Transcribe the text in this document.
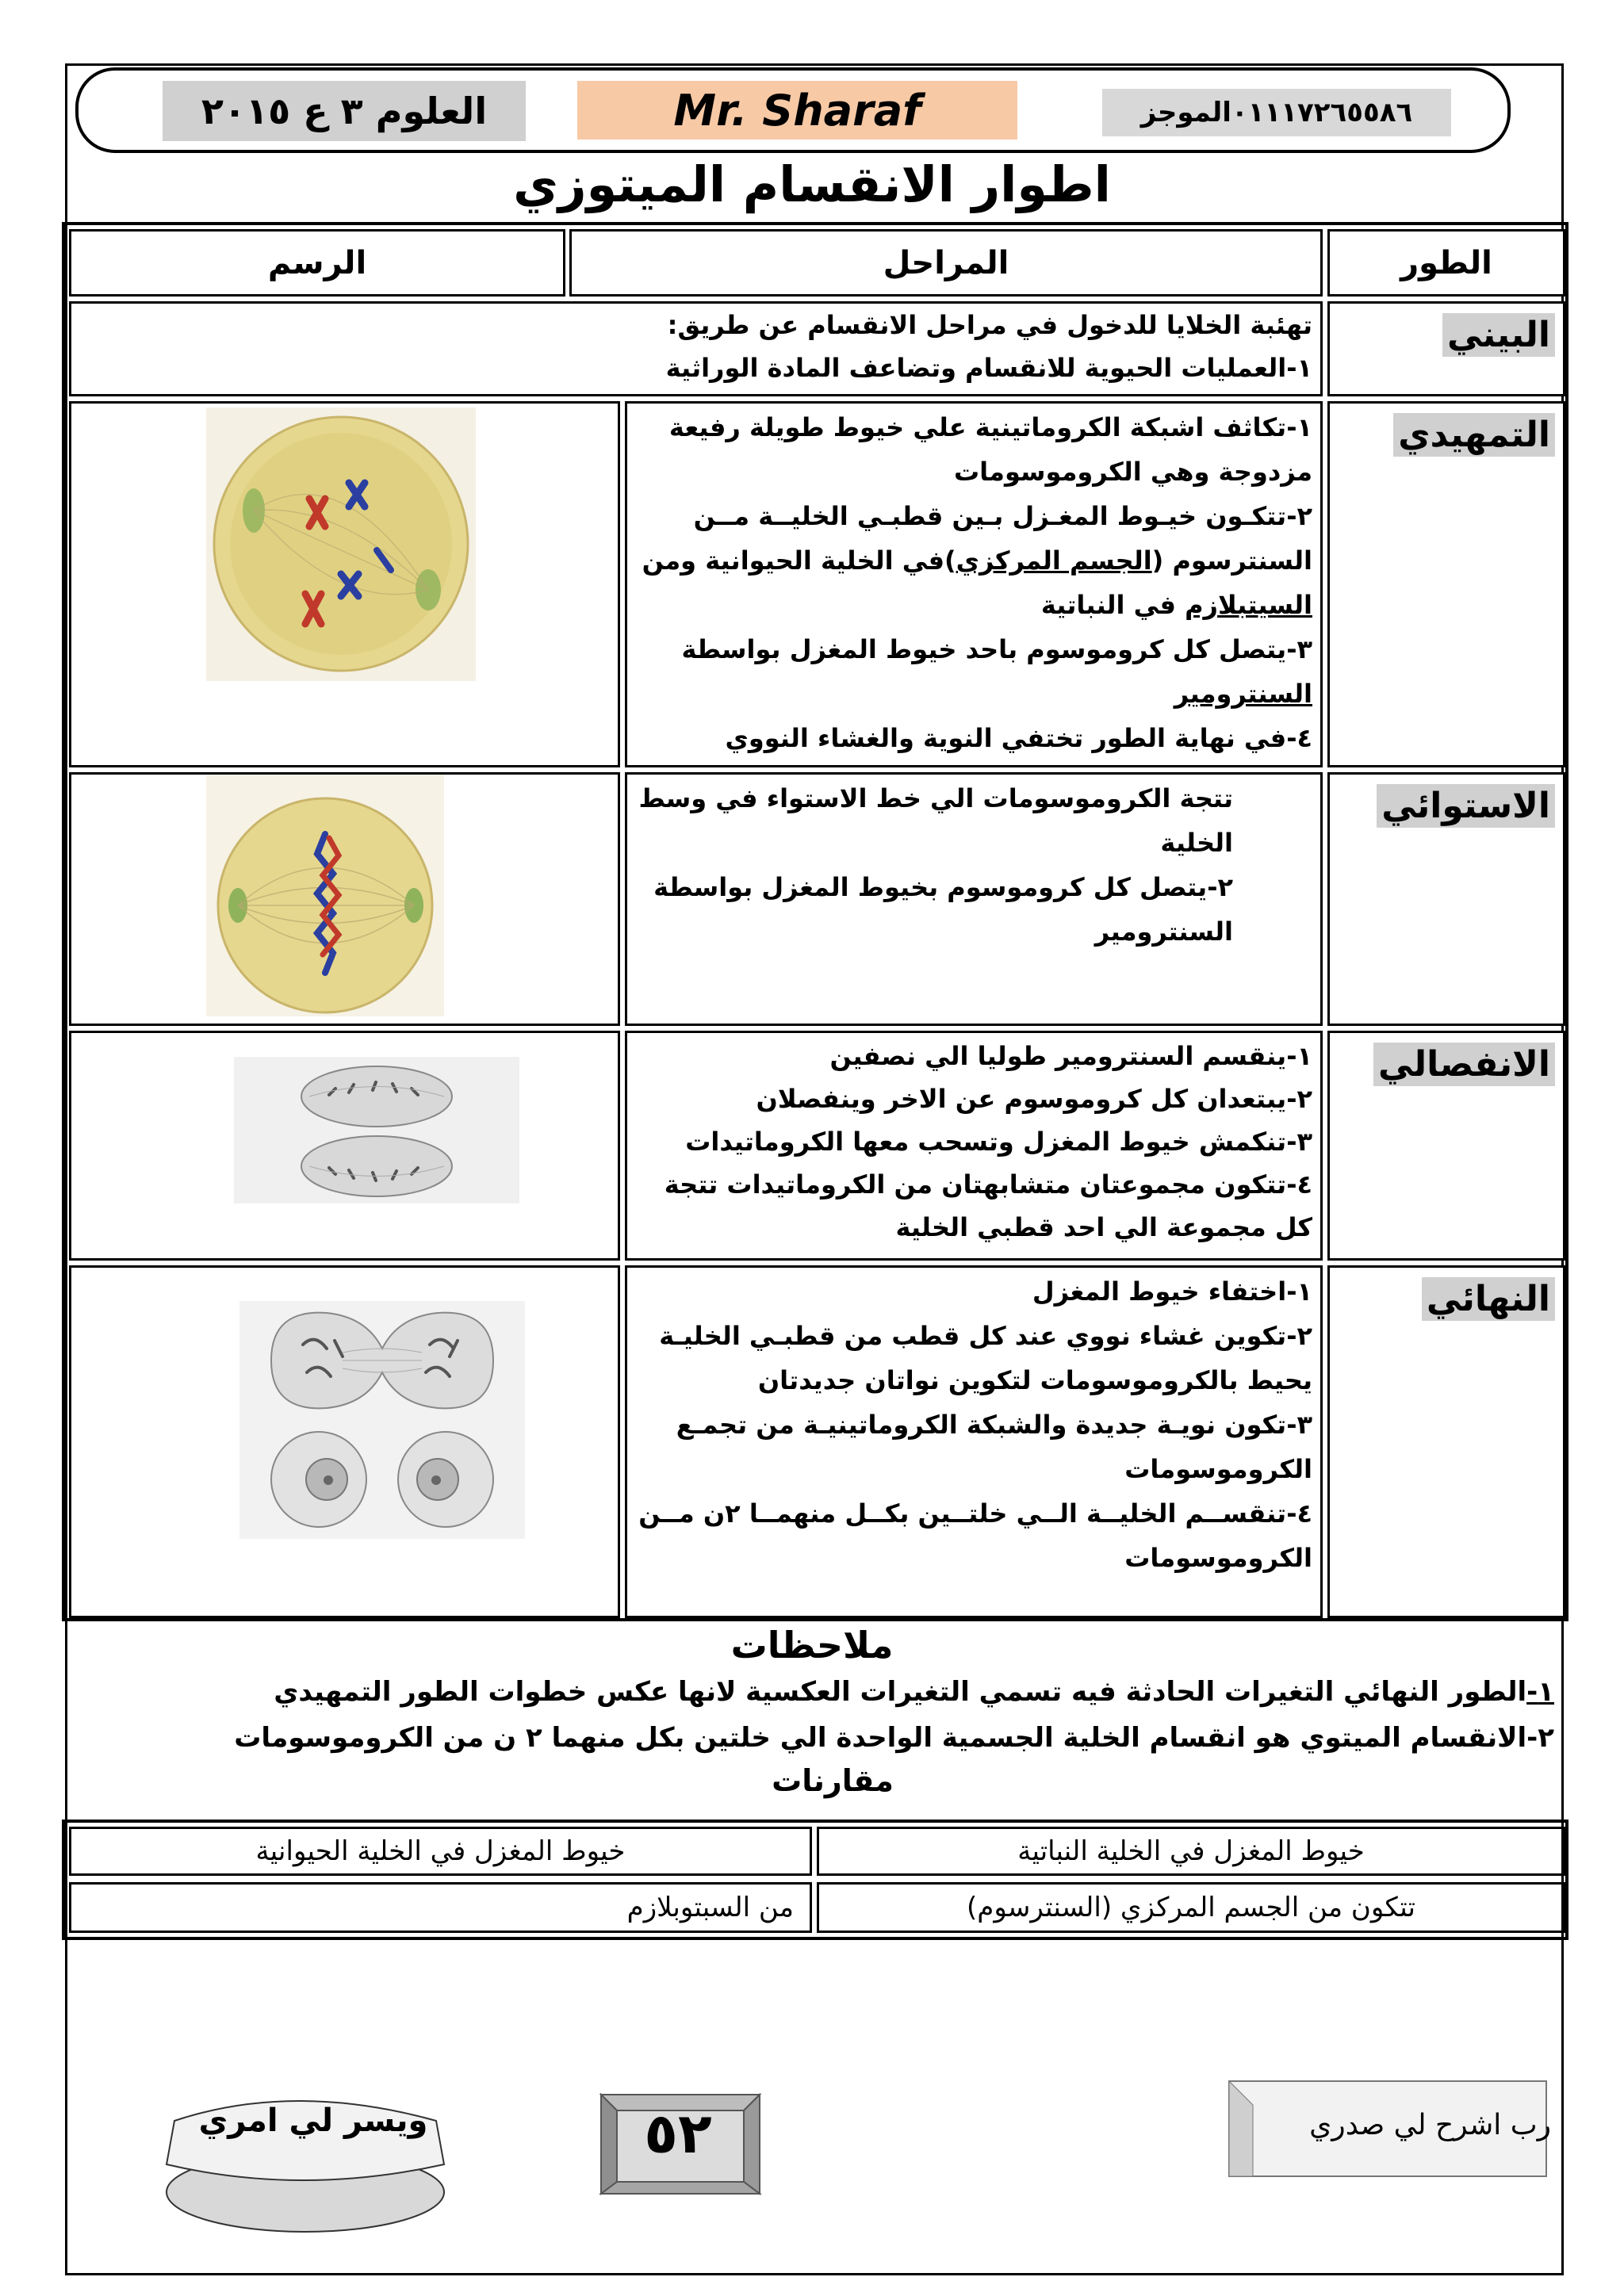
٠١١١٧٢٦٥٥٨٦الموجز
Mr. Sharaf
العلوم ٣ ع ٢٠١٥
اطوار الانقسام الميتوزي
الطور
المراحل
الرسم
البيني
تهئبة الخلايا للدخول في مراحل الانقسام عن طريق:
١-العمليات الحيوية للانقسام وتضاعف المادة الوراثية
التمهيدي
١-تكاثف اشبكة الكروماتينية علي خيوط طويلة رفيعة
مزدوجة وهي الكروموسومات
٢-تتكـون خيـوط المغـزل بـين قطبـي الخليــة مــن
السنترسوم (الجسم المركزي)في الخلية الحيوانية ومن
السيتبلازم في النباتية
٣-يتصل كل كروموسوم باحد خيوط المغزل بواسطة
السنترومير
٤-في نهاية الطور تختفي النوية والغشاء النووي
الاستوائي
تتجة الكروموسومات الي خط الاستواء في وسط
الخلية
٢-يتصل كل كروموسوم بخيوط المغزل بواسطة
السنترومير
الانفصالي
١-ينقسم السنترومير طوليا الي نصفين
٢-يبتعدان كل كروموسوم عن الاخر وينفصلان
٣-تنكمش خيوط المغزل وتسحب معها الكروماتيدات
٤-تتكون مجموعتان متشابهتان من الكروماتيدات تتجة
كل مجموعة الي احد قطبي الخلية
النهائي
١-اختفاء خيوط المغزل
٢-تكوين غشاء نووي عند كل قطب من قطبـي الخليـة
يحيط بالكروموسومات لتكوين نواتان جديدتان
٣-تكون نويـة جديدة والشبكة الكروماتينيـة من تجمـع
الكروموسومات
٤-تنقســم الخليــة الــي خلتــين بكــل منهمــا ٢ن مــن
الكروموسومات
ملاحظات
١-الطور النهائي التغيرات الحادثة فيه تسمي التغيرات العكسية لانها عكس خطوات الطور التمهيدي
٢-الانقسام الميتوي هو انقسام الخلية الجسمية الواحدة الي خلتين بكل منهما ٢ ن من الكروموسومات
مقارنات
خيوط المغزل في الخلية النباتية
خيوط المغزل في الخلية الحيوانية
تتكون من الجسم المركزي (السنترسوم)
من السبتوبلازم
ويسر لي امري	٥٢	رب اشرح لي صدري
